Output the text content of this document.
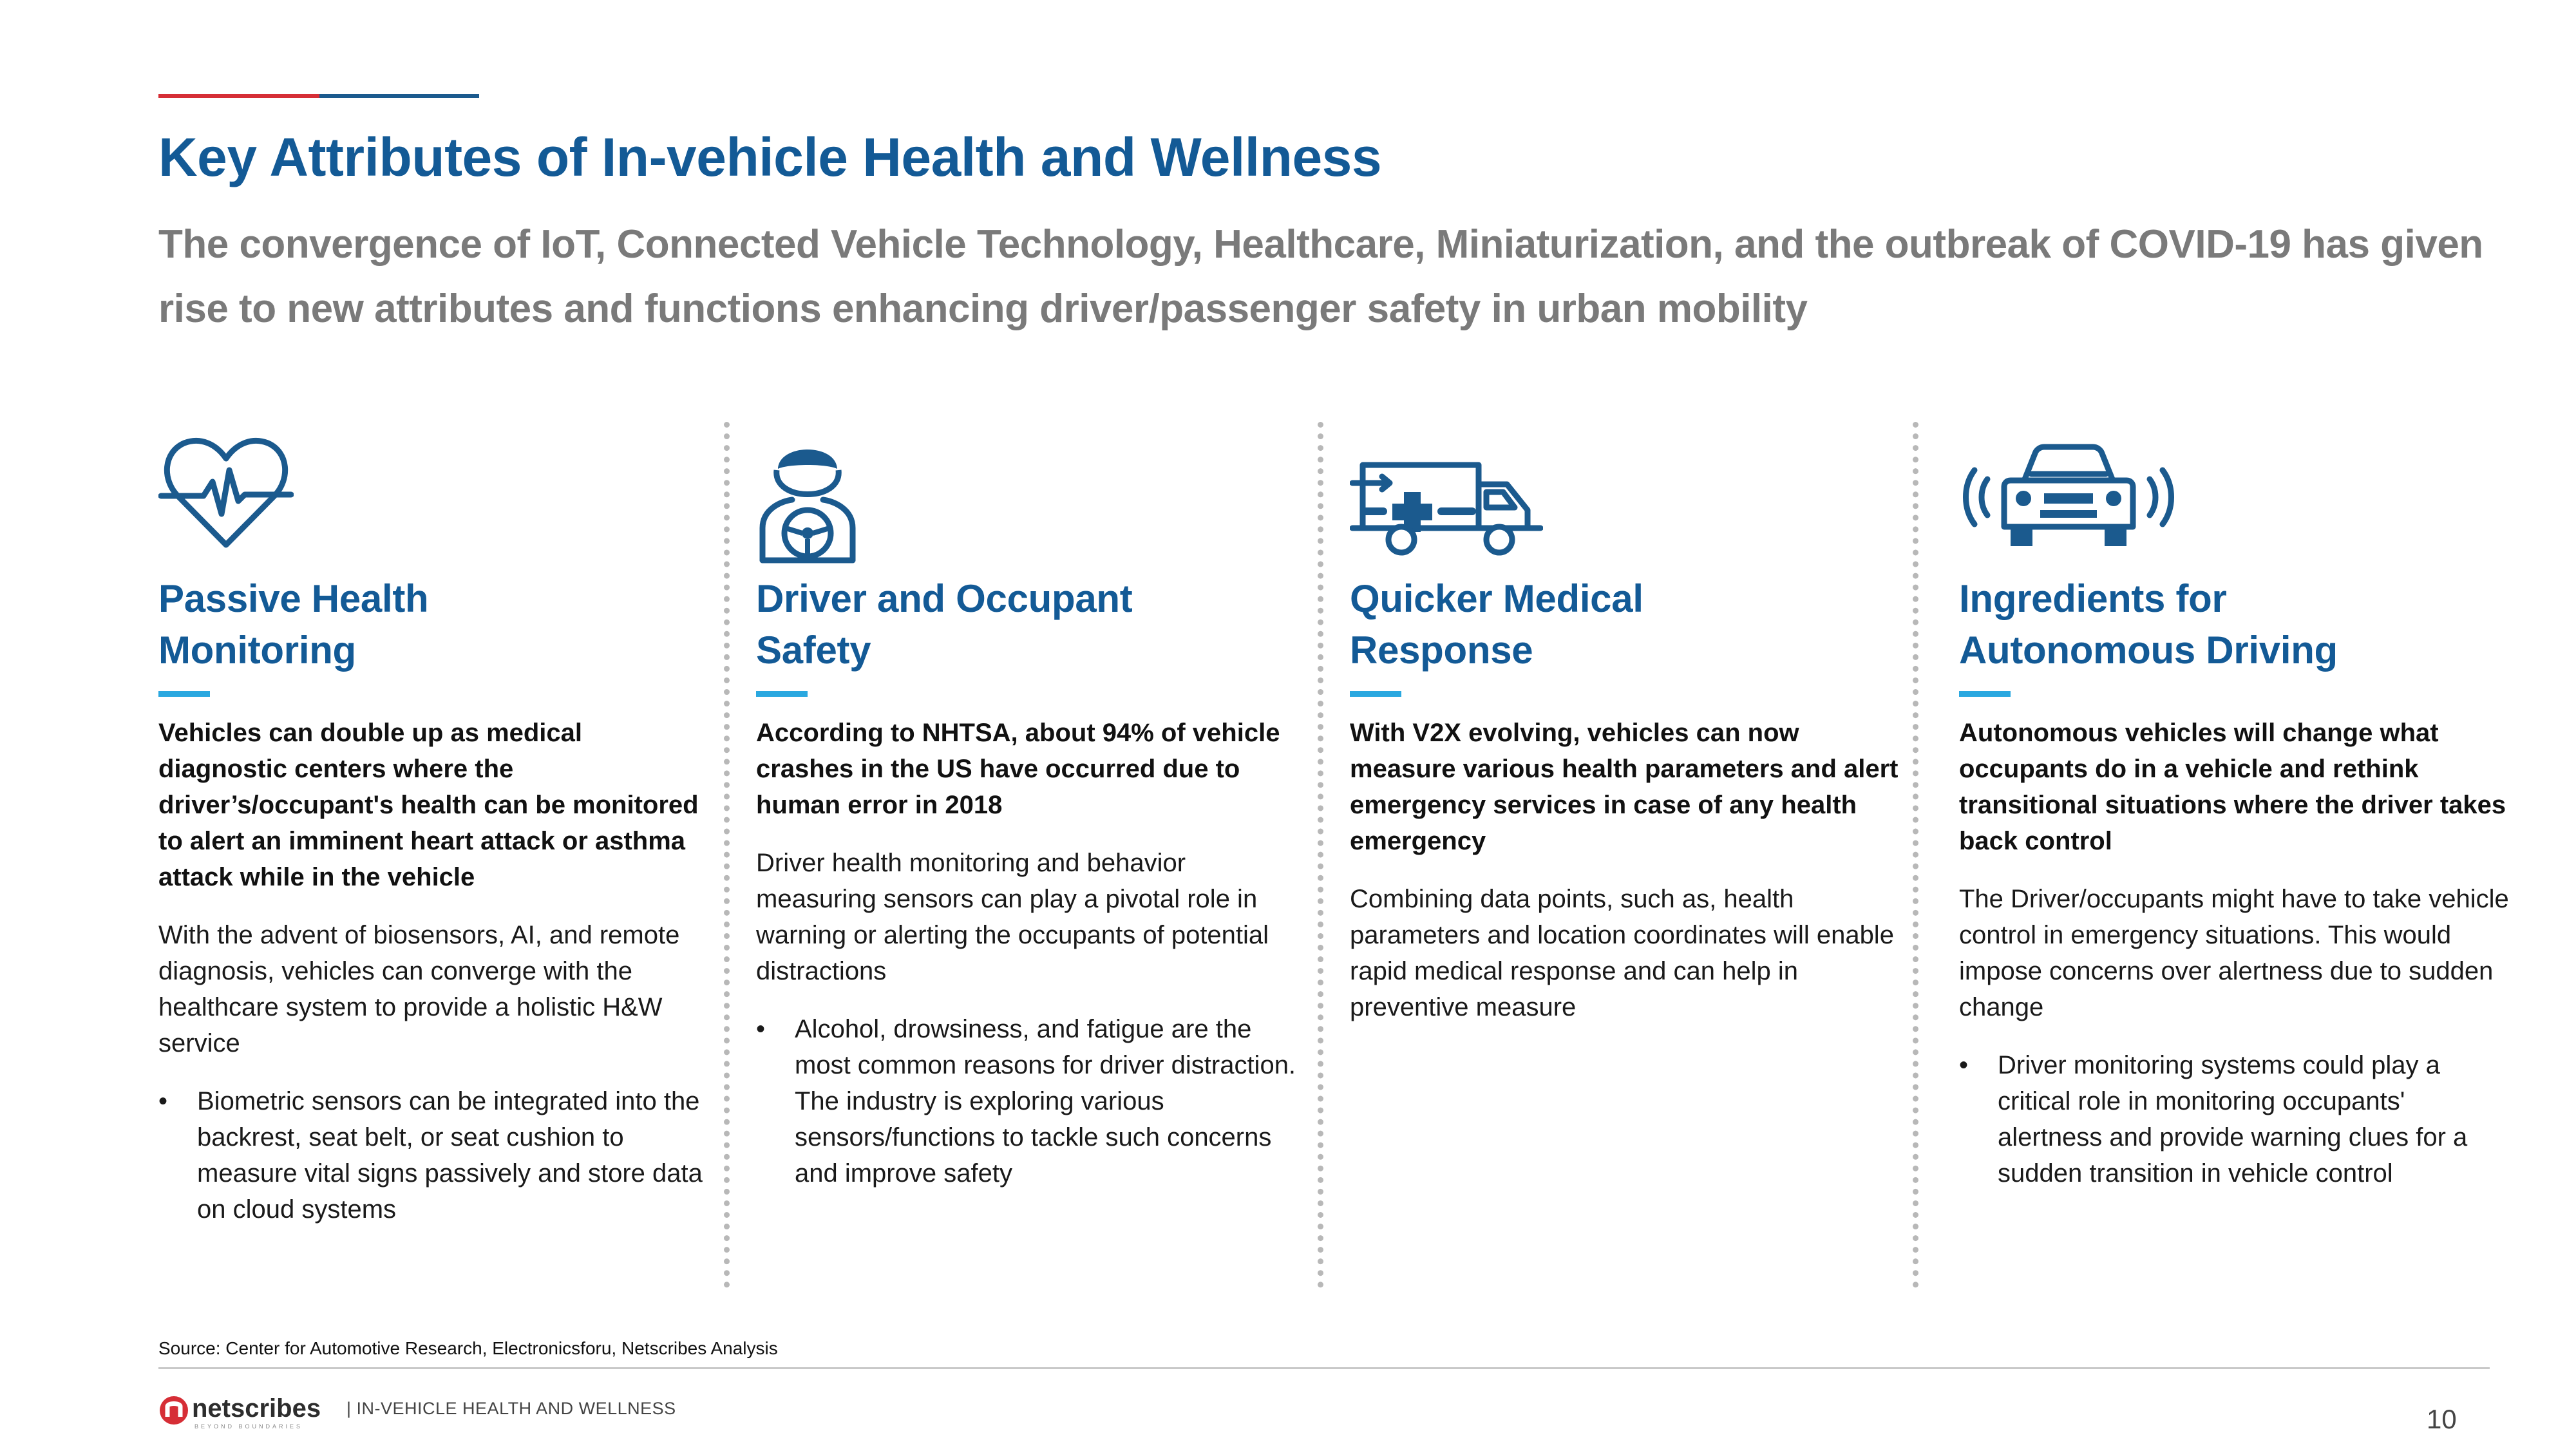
Key Attributes of In-vehicle Health and Wellness

The convergence of IoT, Connected Vehicle Technology, Healthcare, Miniaturization, and the outbreak of COVID-19 has given rise to new attributes and functions enhancing driver/passenger safety in urban mobility

Passive Health
Monitoring

Vehicles can double up as medical diagnostic centers where the driver’s/occupant's health can be monitored to alert an imminent heart attack or asthma attack while in the vehicle

With the advent of biosensors, AI, and remote diagnosis, vehicles can converge with the healthcare system to provide a holistic H&W service

• Biometric sensors can be integrated into the backrest, seat belt, or seat cushion to measure vital signs passively and store data on cloud systems

Driver and Occupant
Safety

According to NHTSA, about 94% of vehicle crashes in the US have occurred due to human error in 2018

Driver health monitoring and behavior measuring sensors can play a pivotal role in warning or alerting the occupants of potential distractions

• Alcohol, drowsiness, and fatigue are the most common reasons for driver distraction. The industry is exploring various sensors/functions to tackle such concerns and improve safety

Quicker Medical
Response

With V2X evolving, vehicles can now measure various health parameters and alert emergency services in case of any health emergency

Combining data points, such as, health parameters and location coordinates will enable rapid medical response and can help in preventive measure

Ingredients for
Autonomous Driving

Autonomous vehicles will change what occupants do in a vehicle and rethink transitional situations where the driver takes back control

The Driver/occupants might have to take vehicle control in emergency situations. This would impose concerns over alertness due to sudden change

• Driver monitoring systems could play a critical role in monitoring occupants' alertness and provide warning clues for a sudden transition in vehicle control

Source: Center for Automotive Research, Electronicsforu, Netscribes Analysis
netscribes
BEYOND BOUNDARIES
| IN-VEHICLE HEALTH AND WELLNESS	10
